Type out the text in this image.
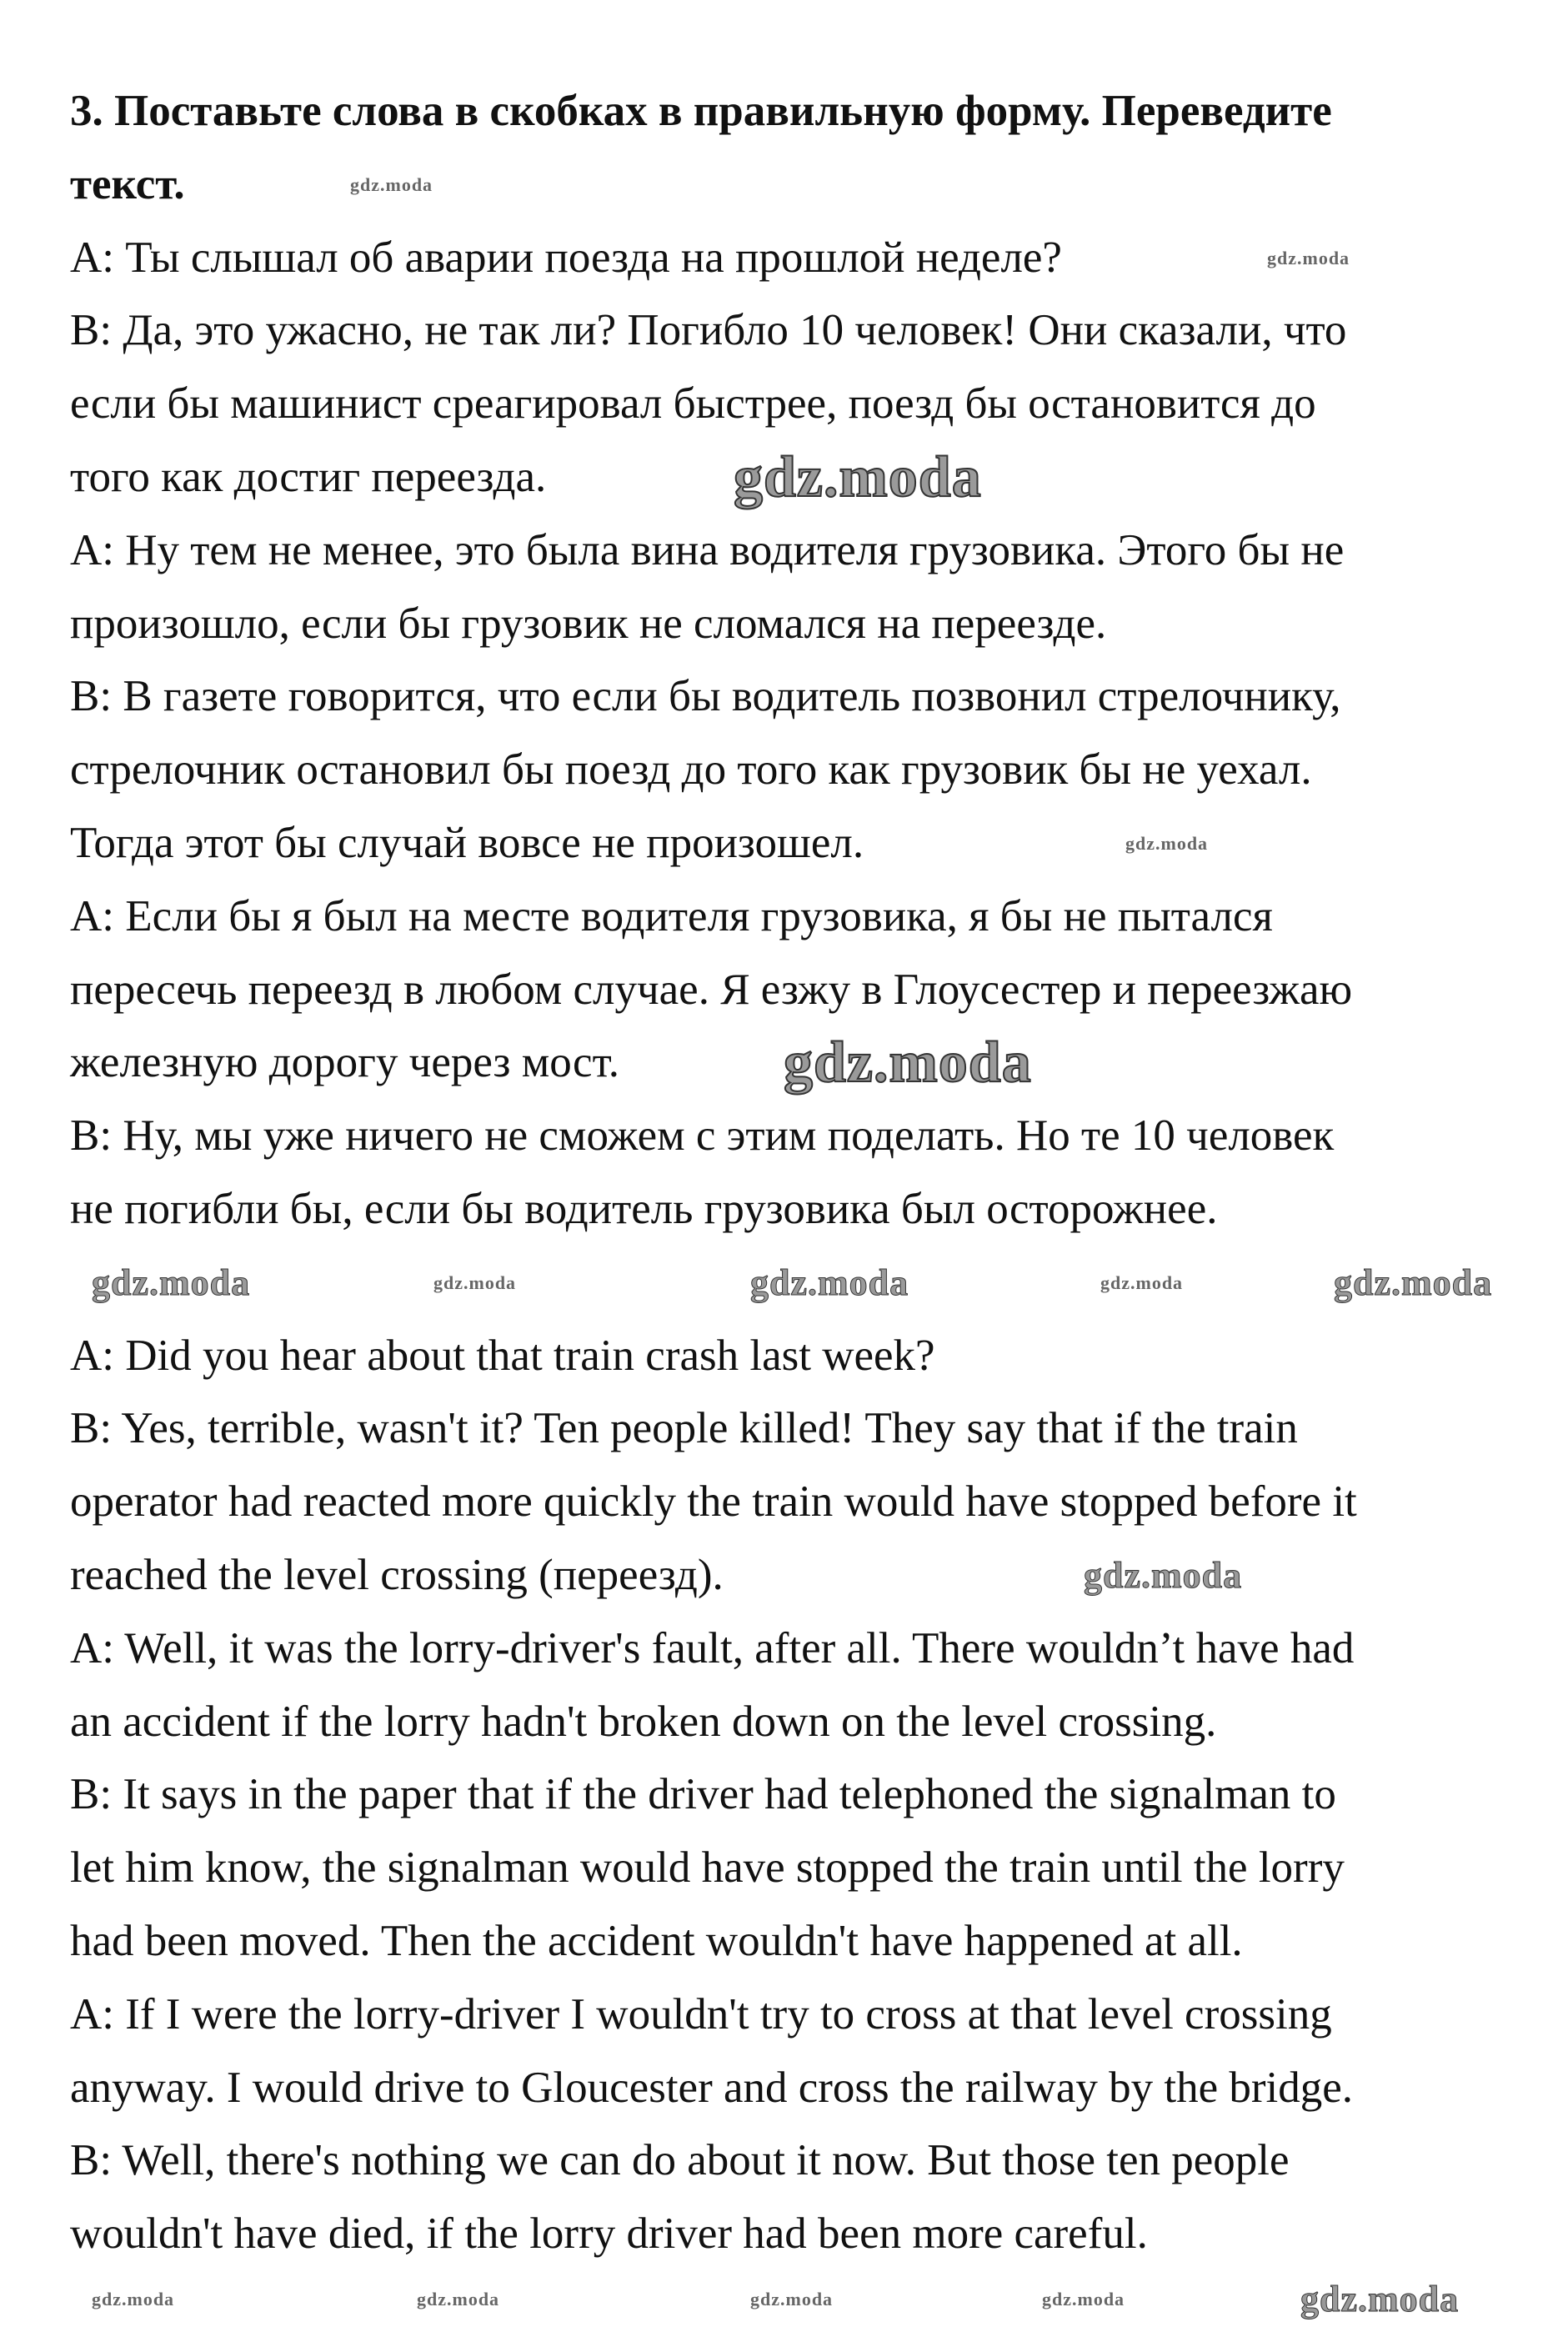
3. Поставьте слова в скобках в правильную форму. Переведите
текст.
A: Ты слышал об аварии поезда на прошлой неделе?
B: Да, это ужасно, не так ли? Погибло 10 человек! Они сказали, что
если бы машинист среагировал быстрее, поезд бы остановится до
того как достиг переезда.
A: Ну тем не менее, это была вина водителя грузовика. Этого бы не
произошло, если бы грузовик не сломался на переезде.
B: В газете говорится, что если бы водитель позвонил стрелочнику,
стрелочник остановил бы поезд до того как грузовик бы не уехал.
Тогда этот бы случай вовсе не произошел.
A: Если бы я был на месте водителя грузовика, я бы не пытался
пересечь переезд в любом случае. Я езжу в Глоусестер и переезжаю
железную дорогу через мост.
B: Ну, мы уже ничего не сможем с этим поделать. Но те 10 человек
не погибли бы, если бы водитель грузовика был осторожнее.
A: Did you hear about that train crash last week?
B: Yes, terrible, wasn't it? Ten people killed! They say that if the train
operator had reacted more quickly the train would have stopped before it
reached the level crossing (переезд).
A: Well, it was the lorry-driver's fault, after all. There wouldn’t have had
an accident if the lorry hadn't broken down on the level crossing.
B: It says in the paper that if the driver had telephoned the signalman to
let him know, the signalman would have stopped the train until the lorry
had been moved. Then the accident wouldn't have happened at all.
A: If I were the lorry-driver I wouldn't try to cross at that level crossing
anyway. I would drive to Gloucester and cross the railway by the bridge.
B: Well, there's nothing we can do about it now. But those ten people
wouldn't have died, if the lorry driver had been more careful.
gdz.moda
gdz.moda
gdz.moda
gdz.moda
gdz.moda
gdz.moda	gdz.moda	gdz.moda	gdz.moda	gdz.moda
gdz.moda
gdz.moda	gdz.moda	gdz.moda	gdz.moda	gdz.moda
